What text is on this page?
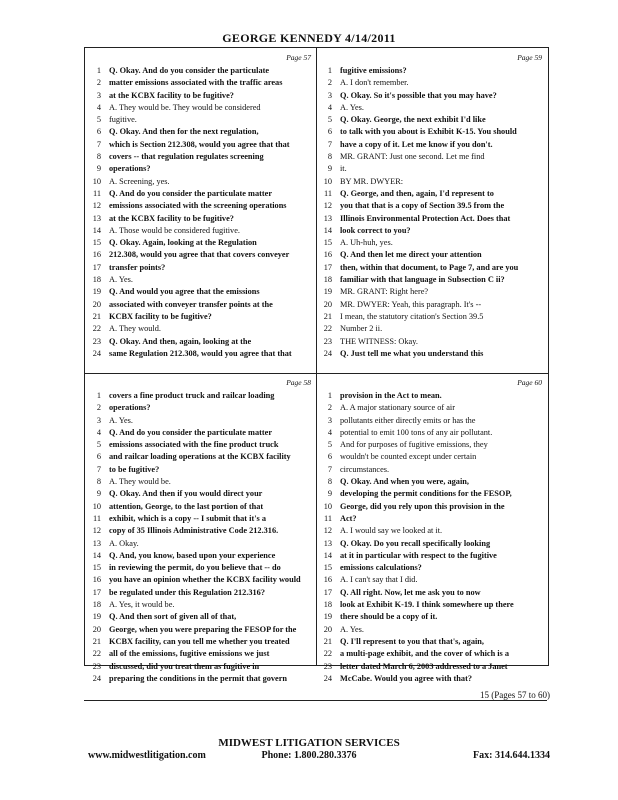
GEORGE KENNEDY 4/14/2011
Page 57
1 Q. Okay. And do you consider the particulate
2 matter emissions associated with the traffic areas
3 at the KCBX facility to be fugitive?
4 A. They would be. They would be considered
5 fugitive.
6 Q. Okay. And then for the next regulation,
7 which is Section 212.308, would you agree that that
8 covers -- that regulation regulates screening
9 operations?
10 A. Screening, yes.
11 Q. And do you consider the particulate matter
12 emissions associated with the screening operations
13 at the KCBX facility to be fugitive?
14 A. Those would be considered fugitive.
15 Q. Okay. Again, looking at the Regulation
16 212.308, would you agree that that covers conveyer
17 transfer points?
18 A. Yes.
19 Q. And would you agree that the emissions
20 associated with conveyer transfer points at the
21 KCBX facility to be fugitive?
22 A. They would.
23 Q. Okay. And then, again, looking at the
24 same Regulation 212.308, would you agree that that
Page 59
1 fugitive emissions?
2 A. I don't remember.
3 Q. Okay. So it's possible that you may have?
4 A. Yes.
5 Q. Okay. George, the next exhibit I'd like
6 to talk with you about is Exhibit K-15. You should
7 have a copy of it. Let me know if you don't.
8 MR. GRANT: Just one second. Let me find
9 it.
10 BY MR. DWYER:
11 Q. George, and then, again, I'd represent to
12 you that that is a copy of Section 39.5 from the
13 Illinois Environmental Protection Act. Does that
14 look correct to you?
15 A. Uh-huh, yes.
16 Q. And then let me direct your attention
17 then, within that document, to Page 7, and are you
18 familiar with that language in Subsection C ii?
19 MR. GRANT: Right here?
20 MR. DWYER: Yeah, this paragraph. It's --
21 I mean, the statutory citation's Section 39.5
22 Number 2 ii.
23 THE WITNESS: Okay.
24 Q. Just tell me what you understand this
Page 58
1 covers a fine product truck and railcar loading
2 operations?
3 A. Yes.
4 Q. And do you consider the particulate matter
5 emissions associated with the fine product truck
6 and railcar loading operations at the KCBX facility
7 to be fugitive?
8 A. They would be.
9 Q. Okay. And then if you would direct your
10 attention, George, to the last portion of that
11 exhibit, which is a copy -- I submit that it's a
12 copy of 35 Illinois Administrative Code 212.316.
13 A. Okay.
14 Q. And, you know, based upon your experience
15 in reviewing the permit, do you believe that -- do
16 you have an opinion whether the KCBX facility would
17 be regulated under this Regulation 212.316?
18 A. Yes, it would be.
19 Q. And then sort of given all of that,
20 George, when you were preparing the FESOP for the
21 KCBX facility, can you tell me whether you treated
22 all of the emissions, fugitive emissions we just
23 discussed, did you treat them as fugitive in
24 preparing the conditions in the permit that govern
Page 60
1 provision in the Act to mean.
2 A. A major stationary source of air
3 pollutants either directly emits or has the
4 potential to emit 100 tons of any air pollutant.
5 And for purposes of fugitive emissions, they
6 wouldn't be counted except under certain
7 circumstances.
8 Q. Okay. And when you were, again,
9 developing the permit conditions for the FESOP,
10 George, did you rely upon this provision in the
11 Act?
12 A. I would say we looked at it.
13 Q. Okay. Do you recall specifically looking
14 at it in particular with respect to the fugitive
15 emissions calculations?
16 A. I can't say that I did.
17 Q. All right. Now, let me ask you to now
18 look at Exhibit K-19. I think somewhere up there
19 there should be a copy of it.
20 A. Yes.
21 Q. I'll represent to you that that's, again,
22 a multi-page exhibit, and the cover of which is a
23 letter dated March 6, 2003 addressed to a Janet
24 McCabe. Would you agree with that?
15 (Pages 57 to 60)
MIDWEST LITIGATION SERVICES
www.midwestlitigation.com	Phone: 1.800.280.3376	Fax: 314.644.1334
